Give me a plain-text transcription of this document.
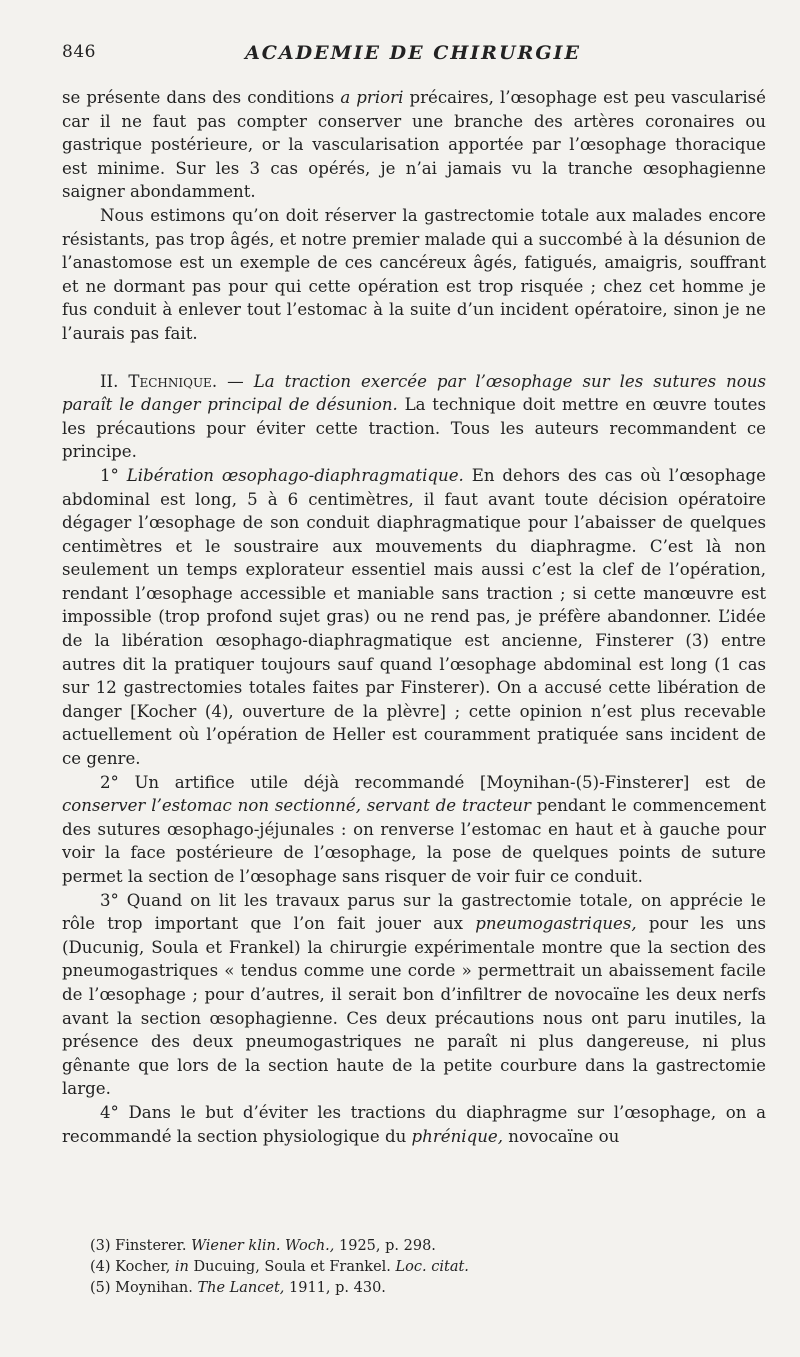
846	ACADEMIE DE CHIRURGIE

se présente dans des conditions a priori précaires, l’œsophage est peu vascularisé car il ne faut pas compter conserver une branche des artères coronaires ou gastrique postérieure, or la vascularisation apportée par l’œsophage thoracique est minime. Sur les 3 cas opérés, je n’ai jamais vu la tranche œsophagienne saigner abondamment.

Nous estimons qu’on doit réserver la gastrectomie totale aux malades encore résistants, pas trop âgés, et notre premier malade qui a succombé à la désunion de l’anastomose est un exemple de ces cancéreux âgés, fatigués, amaigris, souffrant et ne dormant pas pour qui cette opération est trop risquée ; chez cet homme je fus conduit à enlever tout l’estomac à la suite d’un incident opératoire, sinon je ne l’aurais pas fait.

II. Technique. — La traction exercée par l’œsophage sur les sutures nous paraît le danger principal de désunion. La technique doit mettre en œuvre toutes les précautions pour éviter cette traction. Tous les auteurs recommandent ce principe.

1° Libération œsophago-diaphragmatique. En dehors des cas où l’œsophage abdominal est long, 5 à 6 centimètres, il faut avant toute décision opératoire dégager l’œsophage de son conduit diaphragmatique pour l’abaisser de quelques centimètres et le soustraire aux mouvements du diaphragme. C’est là non seulement un temps explorateur essentiel mais aussi c’est la clef de l’opération, rendant l’œsophage accessible et maniable sans traction ; si cette manœuvre est impossible (trop profond sujet gras) ou ne rend pas, je préfère abandonner. L’idée de la libération œsophago-diaphragmatique est ancienne, Finsterer (3) entre autres dit la pratiquer toujours sauf quand l’œsophage abdominal est long (1 cas sur 12 gastrectomies totales faites par Finsterer). On a accusé cette libération de danger [Kocher (4), ouverture de la plèvre] ; cette opinion n’est plus recevable actuellement où l’opération de Heller est couramment pratiquée sans incident de ce genre.

2° Un artifice utile déjà recommandé [Moynihan-(5)-Finsterer] est de conserver l’estomac non sectionné, servant de tracteur pendant le commencement des sutures œsophago-jéjunales : on renverse l’estomac en haut et à gauche pour voir la face postérieure de l’œsophage, la pose de quelques points de suture permet la section de l’œsophage sans risquer de voir fuir ce conduit.

3° Quand on lit les travaux parus sur la gastrectomie totale, on apprécie le rôle trop important que l’on fait jouer aux pneumogastriques, pour les uns (Ducunig, Soula et Frankel) la chirurgie expérimentale montre que la section des pneumogastriques « tendus comme une corde » permettrait un abaissement facile de l’œsophage ; pour d’autres, il serait bon d’infiltrer de novocaïne les deux nerfs avant la section œsophagienne. Ces deux précautions nous ont paru inutiles, la présence des deux pneumogastriques ne paraît ni plus dangereuse, ni plus gênante que lors de la section haute de la petite courbure dans la gastrectomie large.

4° Dans le but d’éviter les tractions du diaphragme sur l’œsophage, on a recommandé la section physiologique du phrénique, novocaïne ou

(3) Finsterer. Wiener klin. Woch., 1925, p. 298.
(4) Kocher, in Ducuing, Soula et Frankel. Loc. citat.
(5) Moynihan. The Lancet, 1911, p. 430.
